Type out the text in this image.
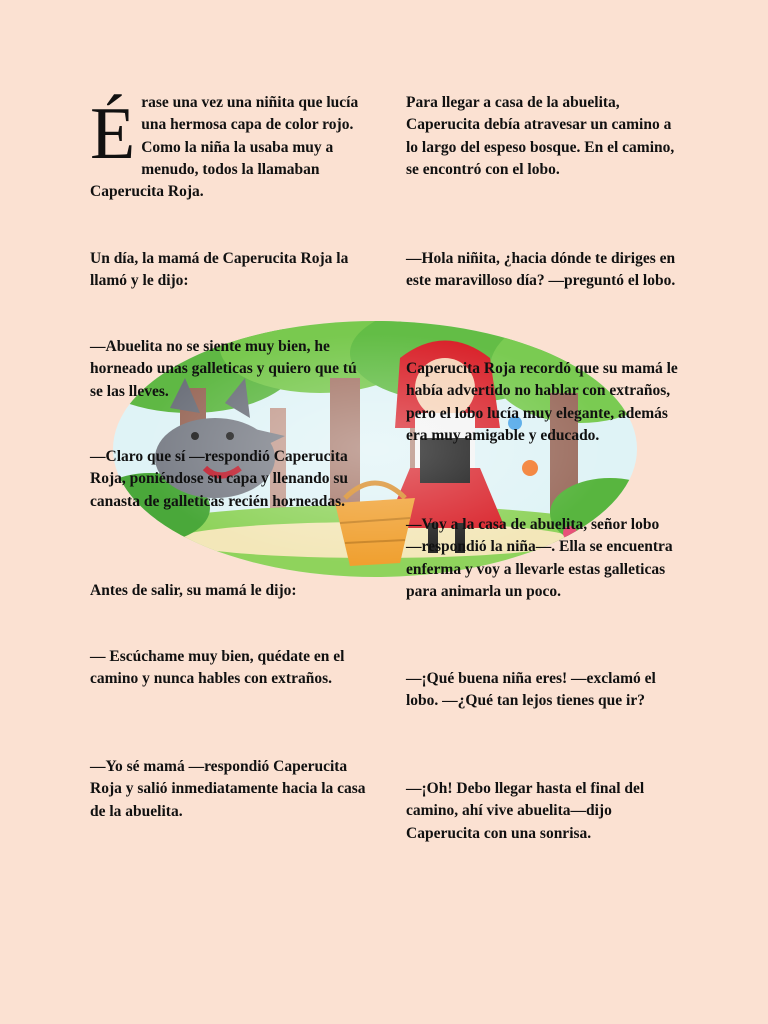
Érase una vez una niñita que lucía una hermosa capa de color rojo. Como la niña la usaba muy a menudo, todos la llamaban Caperucita Roja.

Un día, la mamá de Caperucita Roja la llamó y le dijo:

—Abuelita no se siente muy bien, he horneado unas galleticas y quiero que tú se las lleves.

—Claro que sí —respondió Caperucita Roja, poniéndose su capa y llenando su canasta de galleticas recién horneadas.

Antes de salir, su mamá le dijo:

— Escúchame muy bien, quédate en el camino y nunca hables con extraños.

—Yo sé mamá —respondió Caperucita Roja y salió inmediatamente hacia la casa de la abuelita.

Para llegar a casa de la abuelita, Caperucita debía atravesar un camino a lo largo del espeso bosque. En el camino, se encontró con el lobo.

—Hola niñita, ¿hacia dónde te diriges en este maravilloso día? —preguntó el lobo.

Caperucita Roja recordó que su mamá le había advertido no hablar con extraños, pero el lobo lucía muy elegante, además era muy amigable y educado.

—Voy a la casa de abuelita, señor lobo —respondió la niña—. Ella se encuentra enferma y voy a llevarle estas galleticas para animarla un poco.

—¡Qué buena niña eres! —exclamó el lobo. —¿Qué tan lejos tienes que ir?

—¡Oh! Debo llegar hasta el final del camino, ahí vive abuelita—dijo Caperucita con una sonrisa.
